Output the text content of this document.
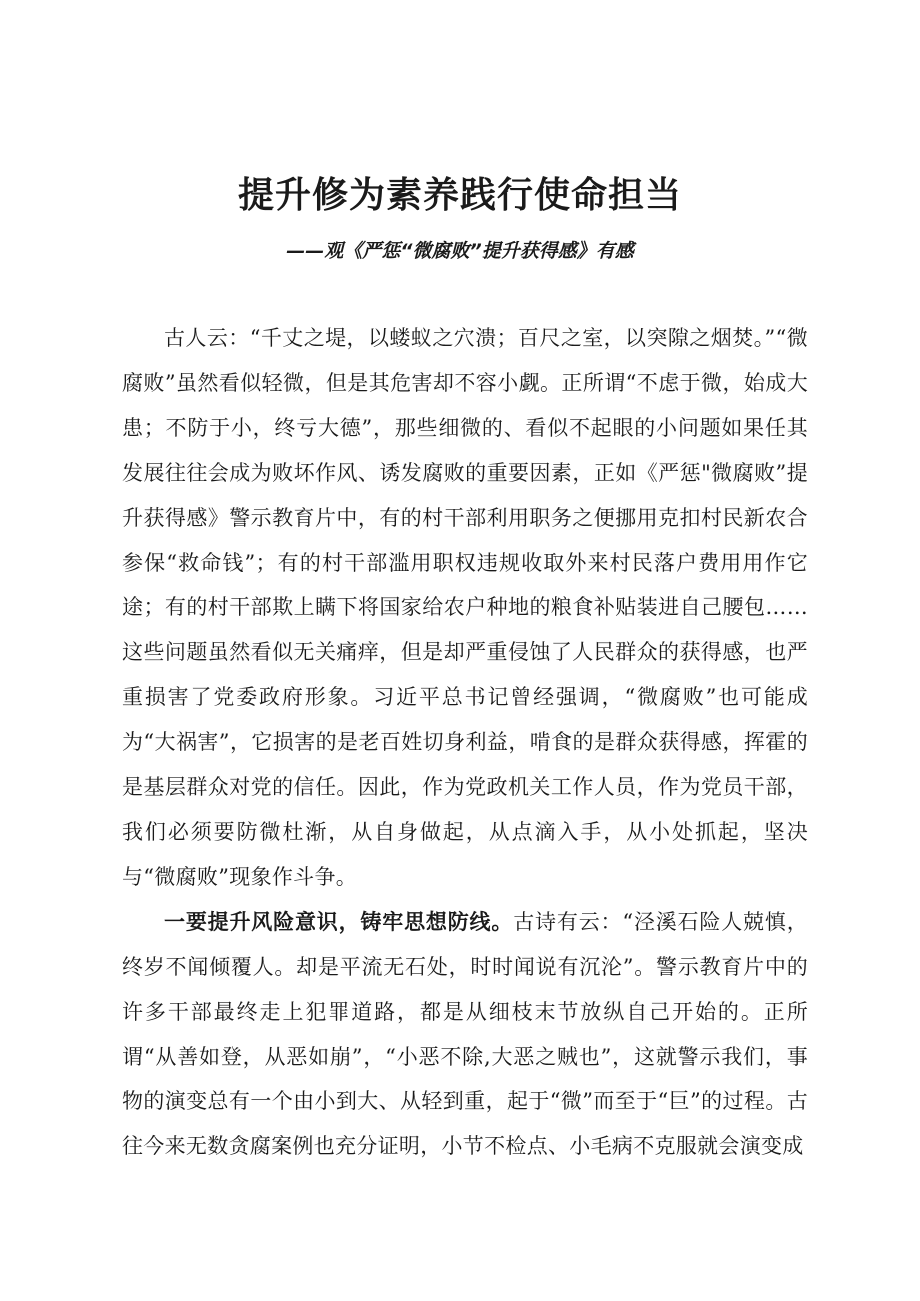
提升修为素养践行使命担当
——观《严惩“微腐败”提升获得感》有感

古人云：“千丈之堤，以蝼蚁之穴溃；百尺之室，以突隙之烟焚。”“微腐败”虽然看似轻微，但是其危害却不容小觑。正所谓“不虑于微，始成大患；不防于小，终亏大德”，那些细微的、看似不起眼的小问题如果任其发展往往会成为败坏作风、诱发腐败的重要因素，正如《严惩"微腐败”提升获得感》警示教育片中，有的村干部利用职务之便挪用克扣村民新农合参保“救命钱”；有的村干部滥用职权违规收取外来村民落户费用用作它途；有的村干部欺上瞒下将国家给农户种地的粮食补贴装进自己腰包……这些问题虽然看似无关痛痒，但是却严重侵蚀了人民群众的获得感，也严重损害了党委政府形象。习近平总书记曾经强调，“微腐败”也可能成为“大祸害”，它损害的是老百姓切身利益，啃食的是群众获得感，挥霍的是基层群众对党的信任。因此，作为党政机关工作人员，作为党员干部，我们必须要防微杜渐，从自身做起，从点滴入手，从小处抓起，坚决与“微腐败”现象作斗争。

一要提升风险意识，铸牢思想防线。古诗有云：“泾溪石险人兢慎，终岁不闻倾覆人。却是平流无石处，时时闻说有沉沦”。警示教育片中的许多干部最终走上犯罪道路，都是从细枝末节放纵自己开始的。正所谓“从善如登，从恶如崩”，“小恶不除,大恶之贼也”，这就警示我们，事物的演变总有一个由小到大、从轻到重，起于“微”而至于“巨”的过程。古往今来无数贪腐案例也充分证明，小节不检点、小毛病不克服就会演变成
